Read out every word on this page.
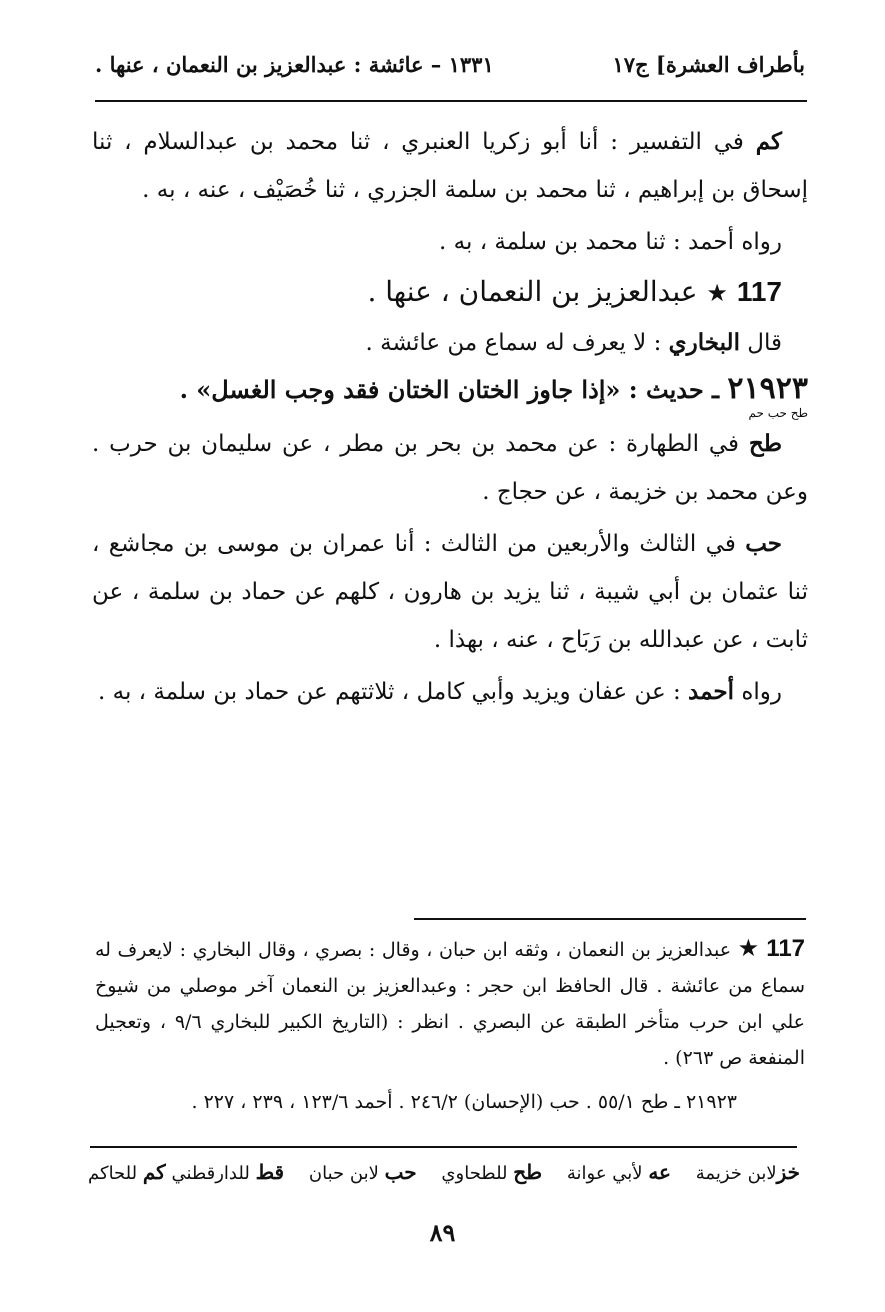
بأطراف العشرة] ج١٧
١٣٣١ – عائشة : عبدالعزيز بن النعمان ، عنها .

كم في التفسير : أنا أبو زكريا العنبري ، ثنا محمد بن عبدالسلام ، ثنا إسحاق بن إبراهيم ، ثنا محمد بن سلمة الجزري ، ثنا خُصَيْف ، عنه ، به .

رواه أحمد : ثنا محمد بن سلمة ، به .

117 ★ عبدالعزيز بن النعمان ، عنها .

قال البخاري : لا يعرف له سماع من عائشة .

٢١٩٢٣ ـ حديث : «إذا جاوز الختان الختان فقد وجب الغسل» .

طح حب حم

طح في الطهارة : عن محمد بن بحر بن مطر ، عن سليمان بن حرب . وعن محمد بن خزيمة ، عن حجاج .

حب في الثالث والأربعين من الثالث : أنا عمران بن موسى بن مجاشع ، ثنا عثمان بن أبي شيبة ، ثنا يزيد بن هارون ، كلهم عن حماد بن سلمة ، عن ثابت ، عن عبدالله بن رَبَاح ، عنه ، بهذا .

رواه أحمد : عن عفان ويزيد وأبي كامل ، ثلاثتهم عن حماد بن سلمة ، به .

117 ★ عبدالعزيز بن النعمان ، وثقه ابن حبان ، وقال : بصري ، وقال البخاري : لايعرف له سماع من عائشة . قال الحافظ ابن حجر : وعبدالعزيز بن النعمان آخر موصلي من شيوخ علي ابن حرب متأخر الطبقة عن البصري . انظر : (التاريخ الكبير للبخاري ٩/٦ ، وتعجيل المنفعة ص ٢٦٣) .

٢١٩٢٣ ـ طح ٥٥/١ . حب (الإحسان) ٢٤٦/٢ . أحمد ١٢٣/٦ ، ٢٣٩ ، ٢٢٧ .

خزلابن خزيمة
عه لأبي عوانة
طح للطحاوي
حب لابن حبان
قط للدارقطني كم للحاكم
٨٩
